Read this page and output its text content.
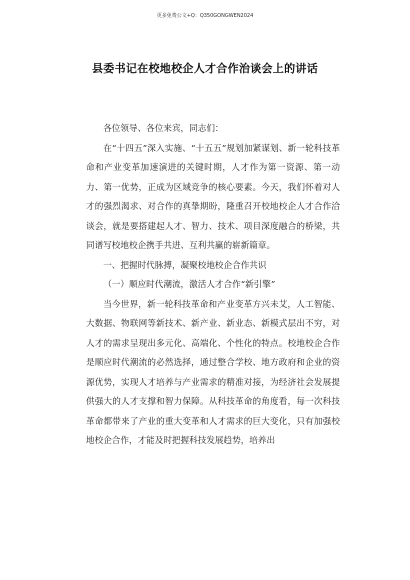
更多免费公文+Q：Q350GONGWEN2024
县委书记在校地校企人才合作治谈会上的讲话

各位领导、各位来宾，同志们：

在“十四五”深入实施、“十五五”规划加紧谋划、新一轮科技革命和产业变革加速演进的关键时期，人才作为第一资源、第一动力、第一优势，正成为区域竞争的核心要素。今天，我们怀着对人才的强烈渴求、对合作的真挚期盼，隆重召开校地校企人才合作洽谈会，就是要搭建起人才、智力、技术、项目深度融合的桥梁，共同谱写校地校企携手共进、互利共赢的崭新篇章。

一、把握时代脉搏，凝聚校地校企合作共识

（一）顺应时代潮流，激活人才合作“新引擎”

当今世界，新一轮科技革命和产业变革方兴未艾，人工智能、大数据、物联网等新技术、新产业、新业态、新模式层出不穷，对人才的需求呈现出多元化、高端化、个性化的特点。校地校企合作是顺应时代潮流的必然选择，通过整合学校、地方政府和企业的资源优势，实现人才培养与产业需求的精准对接，为经济社会发展提供强大的人才支撑和智力保障。从科技革命的角度看，每一次科技革命都带来了产业的重大变革和人才需求的巨大变化，只有加强校地校企合作，才能及时把握科技发展趋势，培养出
